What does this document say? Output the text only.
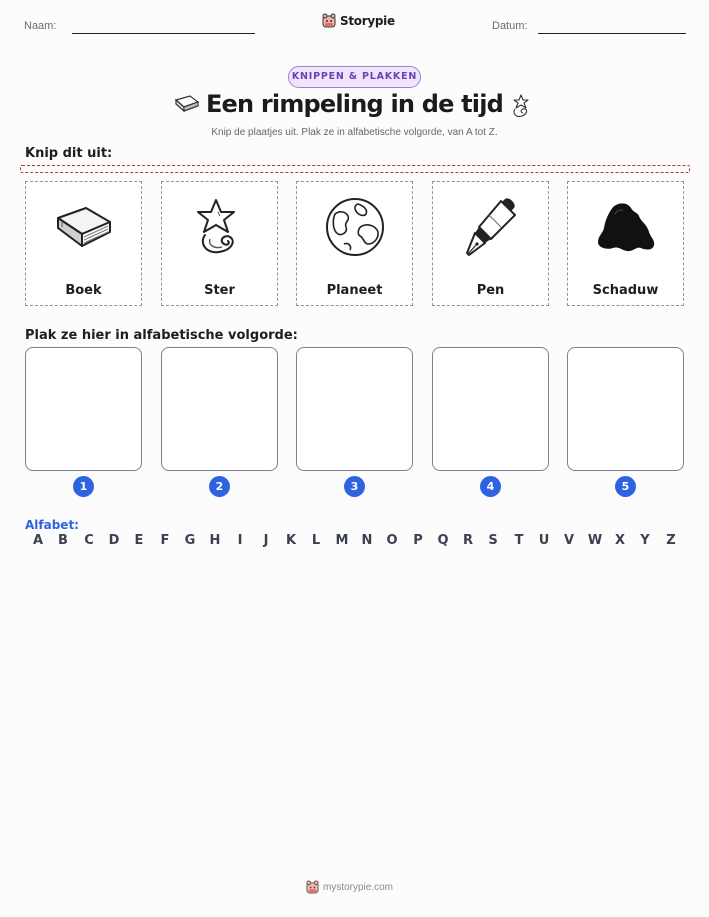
Naam:	Storypie	Datum:
KNIPPEN & PLAKKEN
Een rimpeling in de tijd
Knip de plaatjes uit. Plak ze in alfabetische volgorde, van A tot Z.
Knip dit uit:
Boek	Ster	Planeet	Pen	Schaduw
Plak ze hier in alfabetische volgorde:
1	2	3	4	5
Alfabet:
A B C D E F G H	I	J	K L M N O P Q R S T U V W X Y Z
mystorypie.com
